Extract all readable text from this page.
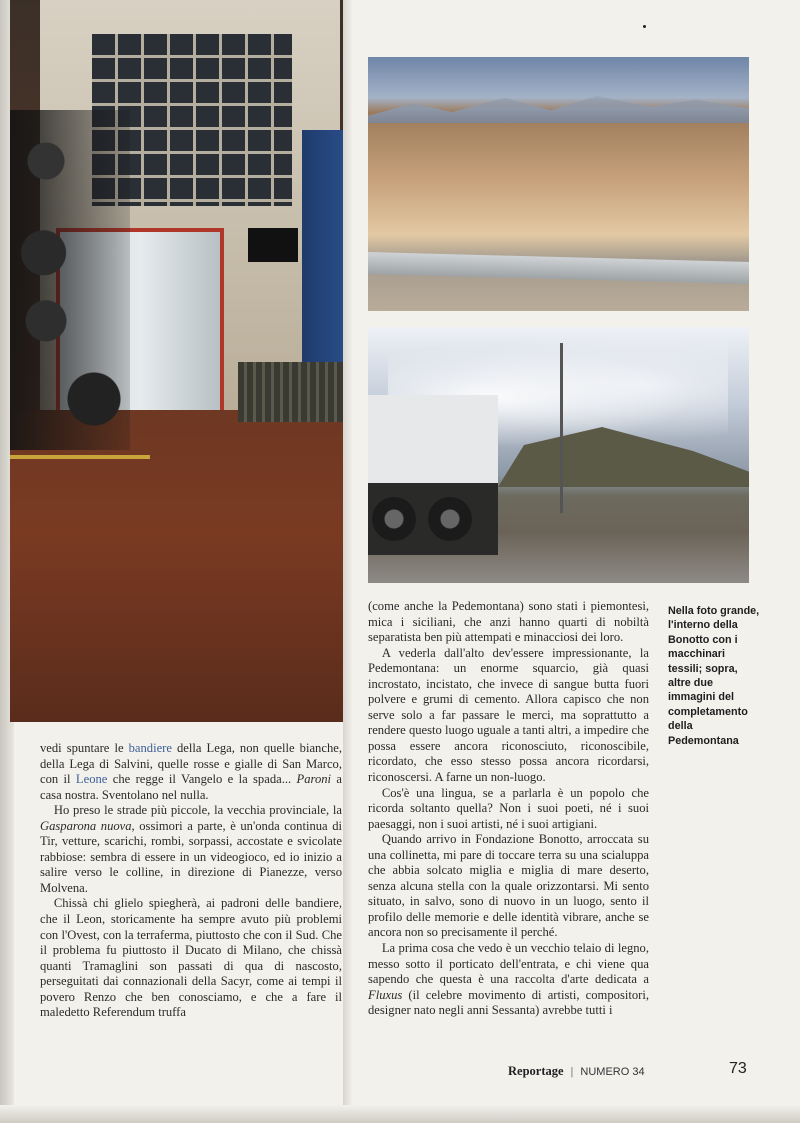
vedi spuntare le bandiere della Lega, non quelle bianche, della Lega di Salvini, quelle rosse e gialle di San Marco, con il Leone che regge il Vangelo e la spada... Paroni a casa nostra. Sventolano nel nulla.

Ho preso le strade più piccole, la vecchia provinciale, la Gasparona nuova, ossimori a parte, è un'onda continua di Tir, vetture, scarichi, rombi, sorpassi, accostate e svicolate rabbiose: sembra di essere in un videogioco, ed io inizio a salire verso le colline, in direzione di Pianezze, verso Molvena.

Chissà chi glielo spiegherà, ai padroni delle bandiere, che il Leon, storicamente ha sempre avuto più problemi con l'Ovest, con la terraferma, piuttosto che con il Sud. Che il problema fu piuttosto il Ducato di Milano, che chissà quanti Tramaglini son passati di qua di nascosto, perseguitati dai connazionali della Sacyr, come ai tempi il povero Renzo che ben conosciamo, e che a fare il maledetto Referendum truffa

(come anche la Pedemontana) sono stati i piemontesi, mica i siciliani, che anzi hanno quarti di nobiltà separatista ben più attempati e minacciosi dei loro.

A vederla dall'alto dev'essere impressionante, la Pedemontana: un enorme squarcio, già quasi incrostato, incistato, che invece di sangue butta fuori polvere e grumi di cemento. Allora capisco che non serve solo a far passare le merci, ma soprattutto a rendere questo luogo uguale a tanti altri, a impedire che possa essere ancora riconosciuto, riconoscibile, ricordato, che esso stesso possa ancora ricordarsi, riconoscersi. A farne un non-luogo.

Cos'è una lingua, se a parlarla è un popolo che ricorda soltanto quella? Non i suoi poeti, né i suoi paesaggi, non i suoi artisti, né i suoi artigiani.

Quando arrivo in Fondazione Bonotto, arroccata su una collinetta, mi pare di toccare terra su una scialuppa che abbia solcato miglia e miglia di mare deserto, senza alcuna stella con la quale orizzontarsi. Mi sento situato, in salvo, sono di nuovo in un luogo, sento il profilo delle memorie e delle identità vibrare, anche se ancora non so precisamente il perché.

La prima cosa che vedo è un vecchio telaio di legno, messo sotto il porticato dell'entrata, e chi viene qua sapendo che questa è una raccolta d'arte dedicata a Fluxus (il celebre movimento di artisti, compositori, designer nato negli anni Sessanta) avrebbe tutti i

Nella foto grande, l'interno della Bonotto con i macchinari tessili; sopra, altre due immagini del completamento della Pedemontana
Reportage | NUMERO 34	73
